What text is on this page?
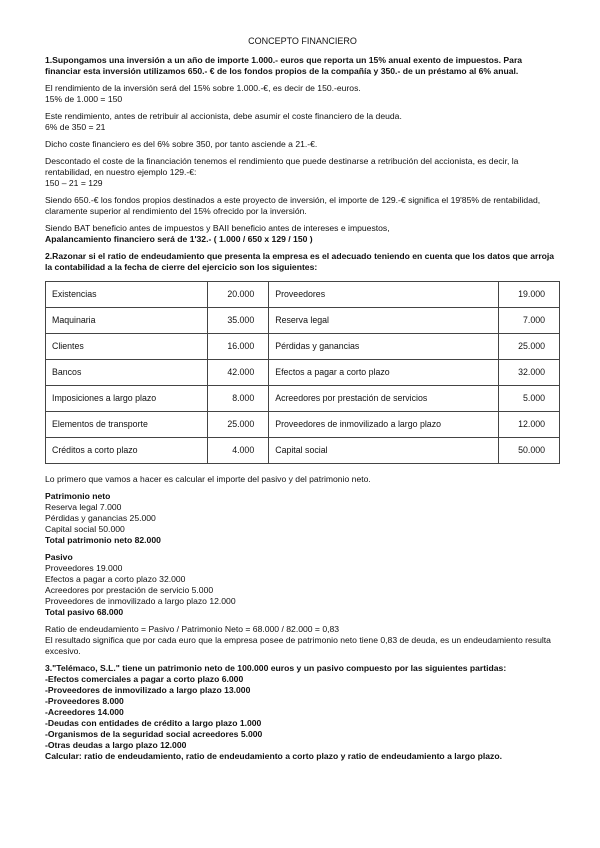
CONCEPTO FINANCIERO

1.Supongamos una inversión a un año de importe 1.000.- euros que reporta un 15% anual exento de impuestos. Para financiar esta inversión utilizamos 650.- € de los fondos propios de la compañía y 350.- de un préstamo al 6% anual.

El rendimiento de la inversión será del 15% sobre 1.000.-€, es decir de 150.-euros.
15% de 1.000 = 150

Este rendimiento, antes de retribuir al accionista, debe asumir el coste financiero de la deuda.
6% de 350 = 21

Dicho coste financiero es del 6% sobre 350, por tanto asciende a 21.-€.

Descontado el coste de la financiación tenemos el rendimiento que puede destinarse a retribución del accionista, es decir, la rentabilidad, en nuestro ejemplo 129.-€:
150 – 21 = 129

Siendo 650.-€ los fondos propios destinados a este proyecto de inversión, el importe de 129.-€ significa el 19'85% de rentabilidad, claramente superior al rendimiento del 15% ofrecido por la inversión.

Siendo BAT beneficio antes de impuestos y BAII beneficio antes de intereses e impuestos,
Apalancamiento financiero será de 1'32.- ( 1.000 / 650 x 129 / 150 )

2.Razonar si el ratio de endeudamiento que presenta la empresa es el adecuado teniendo en cuenta que los datos que arroja la contabilidad a la fecha de cierre del ejercicio son los siguientes:

Existencias	20.000	Proveedores	19.000
Maquinaria	35.000	Reserva legal	7.000
Clientes	16.000	Pérdidas y ganancias	25.000
Bancos	42.000	Efectos a pagar a corto plazo	32.000
Imposiciones a largo plazo	8.000	Acreedores por prestación de servicios	5.000
Elementos de transporte	25.000	Proveedores de inmovilizado a largo plazo	12.000
Créditos a corto plazo	4.000	Capital social	50.000

Lo primero que vamos a hacer es calcular el importe del pasivo y del patrimonio neto.

Patrimonio neto
Reserva legal 7.000
Pérdidas y ganancias 25.000
Capital social 50.000
Total patrimonio neto 82.000

Pasivo
Proveedores 19.000
Efectos a pagar a corto plazo 32.000
Acreedores por prestación de servicio 5.000
Proveedores de inmovilizado a largo plazo 12.000
Total pasivo 68.000

Ratio de endeudamiento = Pasivo / Patrimonio Neto = 68.000 / 82.000 = 0,83
El resultado significa que por cada euro que la empresa posee de patrimonio neto tiene 0,83 de deuda, es un endeudamiento resulta excesivo.

3."Telémaco, S.L." tiene un patrimonio neto de 100.000 euros y un pasivo compuesto por las siguientes partidas:
-Efectos comerciales a pagar a corto plazo 6.000
-Proveedores de inmovilizado a largo plazo 13.000
-Proveedores 8.000
-Acreedores 14.000
-Deudas con entidades de crédito a largo plazo 1.000
-Organismos de la seguridad social acreedores 5.000
-Otras deudas a largo plazo 12.000
Calcular: ratio de endeudamiento, ratio de endeudamiento a corto plazo y ratio de endeudamiento a largo plazo.
